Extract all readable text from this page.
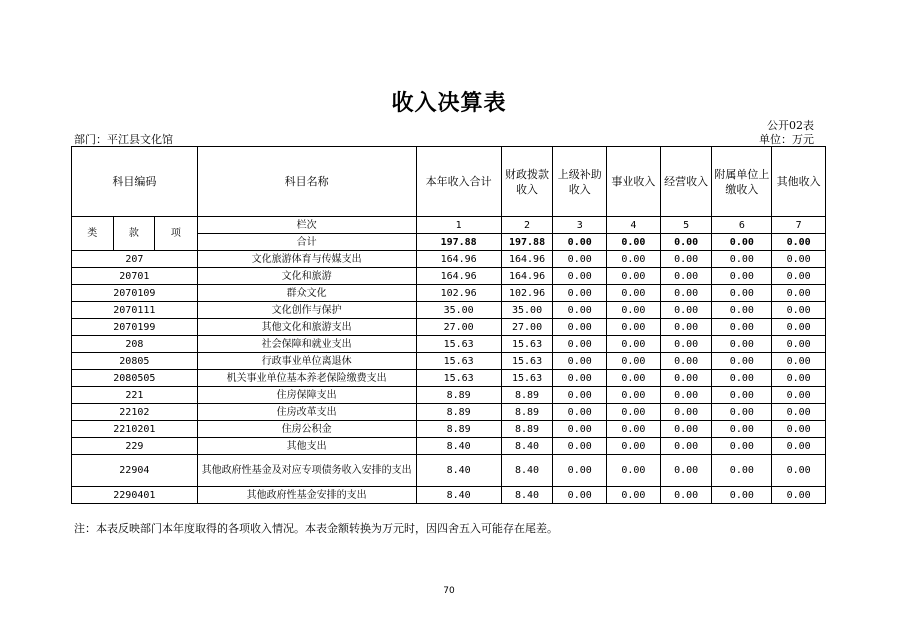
收入决算表
公开02表
部门：平江县文化馆	单位：万元
科目编码			科目名称	本年收入合计	财政拨款收入	上级补助收入	事业收入	经营收入	附属单位上缴收入	其他收入
类	款	项	栏次	1	2	3	4	5	6	7
			合计	197.88	197.88	0.00	0.00	0.00	0.00	0.00
207			文化旅游体育与传媒支出	164.96	164.96	0.00	0.00	0.00	0.00	0.00
20701			文化和旅游	164.96	164.96	0.00	0.00	0.00	0.00	0.00
2070109			群众文化	102.96	102.96	0.00	0.00	0.00	0.00	0.00
2070111			文化创作与保护	35.00	35.00	0.00	0.00	0.00	0.00	0.00
2070199			其他文化和旅游支出	27.00	27.00	0.00	0.00	0.00	0.00	0.00
208			社会保障和就业支出	15.63	15.63	0.00	0.00	0.00	0.00	0.00
20805			行政事业单位离退休	15.63	15.63	0.00	0.00	0.00	0.00	0.00
2080505			机关事业单位基本养老保险缴费支出	15.63	15.63	0.00	0.00	0.00	0.00	0.00
221			住房保障支出	8.89	8.89	0.00	0.00	0.00	0.00	0.00
22102			住房改革支出	8.89	8.89	0.00	0.00	0.00	0.00	0.00
2210201			住房公积金	8.89	8.89	0.00	0.00	0.00	0.00	0.00
229			其他支出	8.40	8.40	0.00	0.00	0.00	0.00	0.00
22904			其他政府性基金及对应专项债务收入安排的支出	8.40	8.40	0.00	0.00	0.00	0.00	0.00
2290401			其他政府性基金安排的支出	8.40	8.40	0.00	0.00	0.00	0.00	0.00
注：本表反映部门本年度取得的各项收入情况。本表金额转换为万元时，因四舍五入可能存在尾差。
70
